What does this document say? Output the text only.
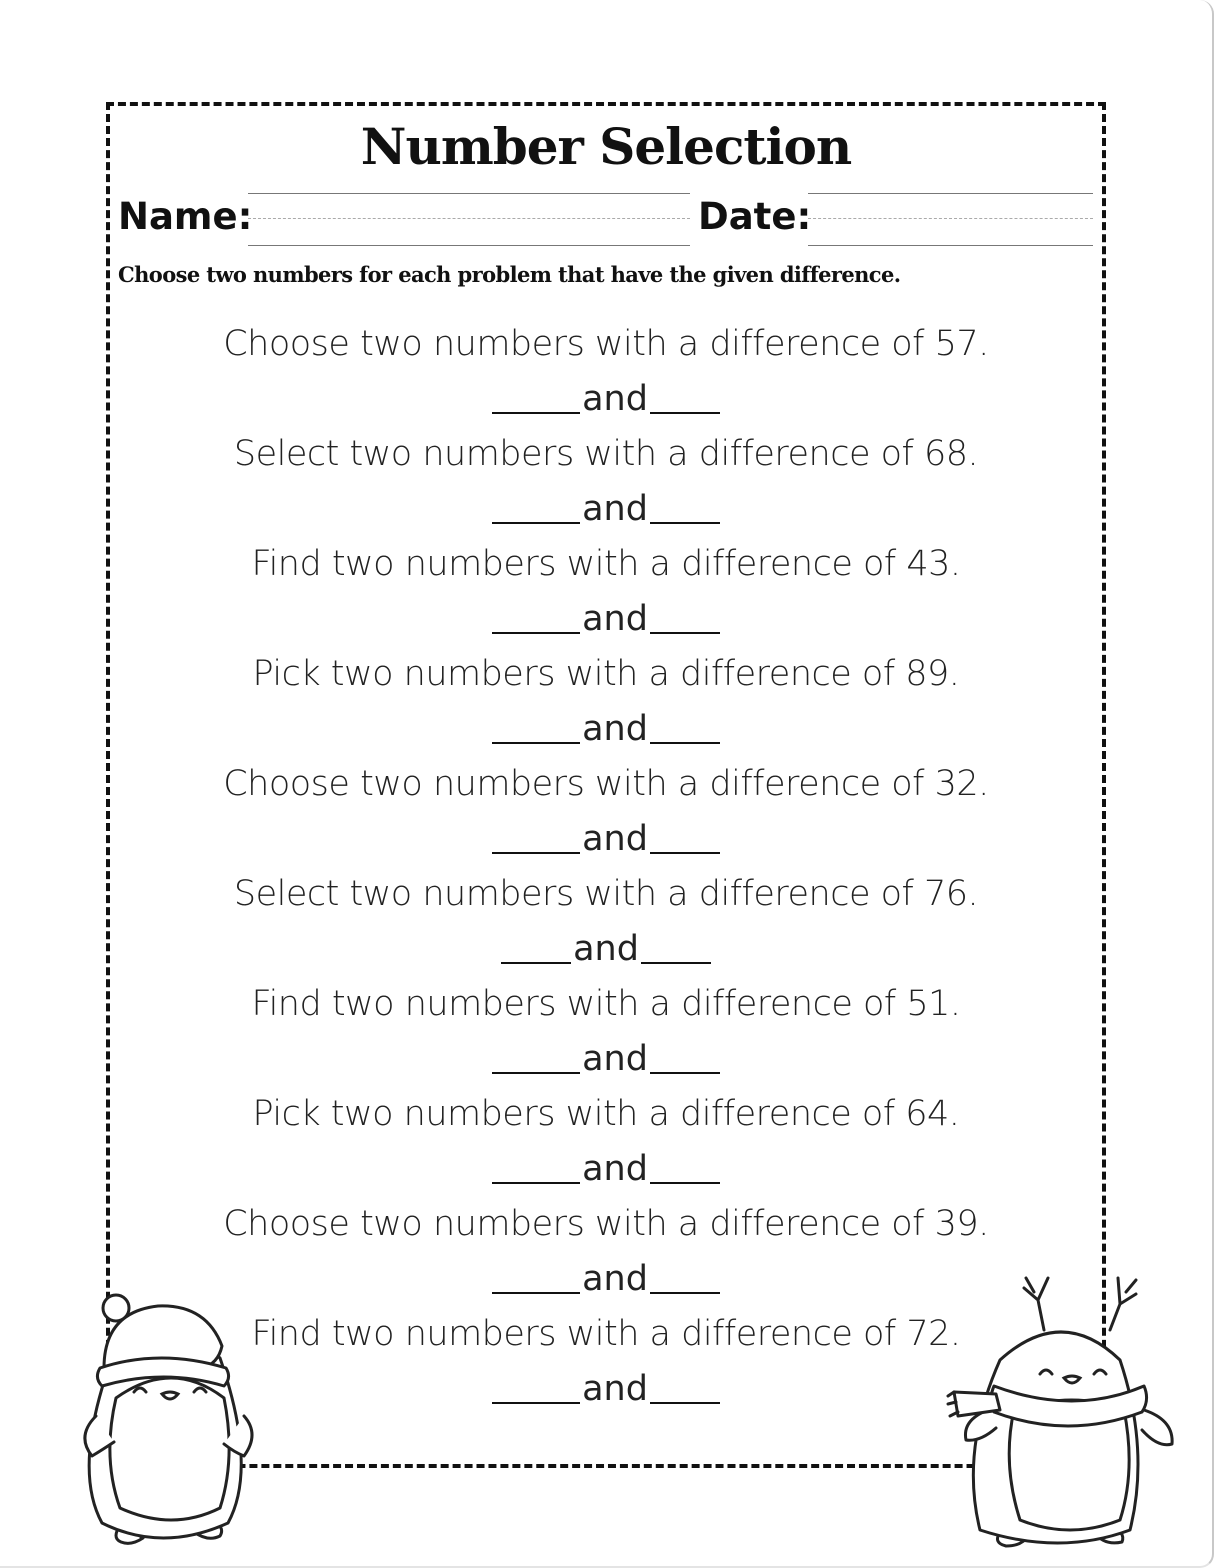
Number Selection
Name:	Date:
Choose two numbers for each problem that have the given difference.
Choose two numbers with a difference of 57.
and
Select two numbers with a difference of 68.
and
Find two numbers with a difference of 43.
and
Pick two numbers with a difference of 89.
and
Choose two numbers with a difference of 32.
and
Select two numbers with a difference of 76.
and
Find two numbers with a difference of 51.
and
Pick two numbers with a difference of 64.
and
Choose two numbers with a difference of 39.
and
Find two numbers with a difference of 72.
and
